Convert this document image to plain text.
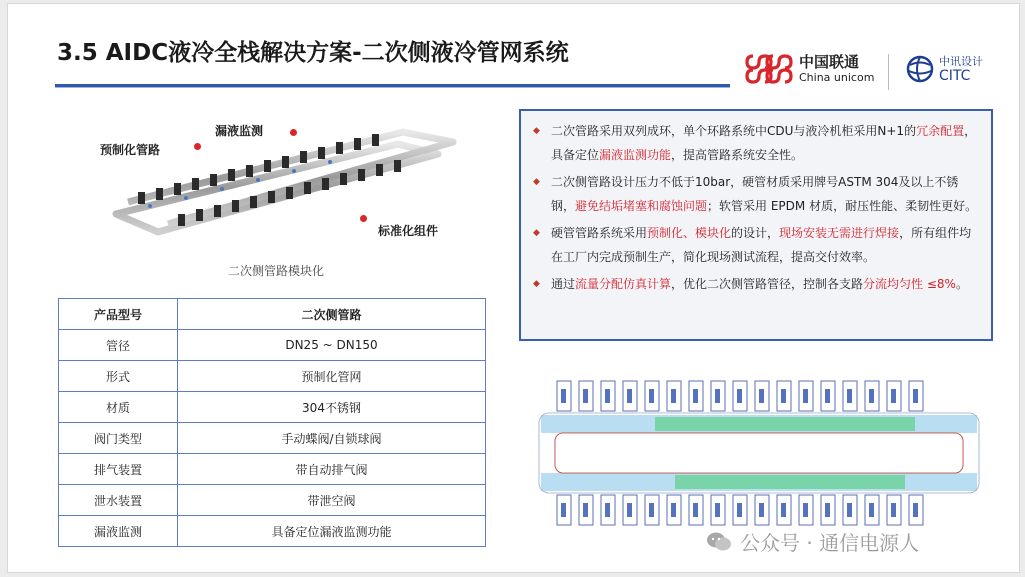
3.5 AIDC液冷全栈解决方案-二次侧液冷管网系统	中国联通
China unicom
中讯设计
CITC
漏液监测
预制化管路
标准化组件
二次侧管路模块化
产品型号	二次侧管路
管径	DN25 ~ DN150
形式	预制化管网
材质	304不锈钢
阀门类型	手动蝶阀/自锁球阀
排气装置	带自动排气阀
泄水装置	带泄空阀
漏液监测	具备定位漏液监测功能
◆ 二次管路采用双列成环，单个环路系统中CDU与液冷机柜采用N+1的冗余配置，具备定位漏液监测功能，提高管路系统安全性。
◆ 二次侧管路设计压力不低于10bar，硬管材质采用牌号ASTM 304及以上不锈钢，避免结垢堵塞和腐蚀问题；软管采用 EPDM 材质，耐压性能、柔韧性更好。
◆ 硬管管路系统采用预制化、模块化的设计，现场安装无需进行焊接，所有组件均在工厂内完成预制生产，简化现场测试流程，提高交付效率。
◆ 通过流量分配仿真计算，优化二次侧管路管径，控制各支路分流均匀性 ≤8%。
公众号 · 通信电源人
